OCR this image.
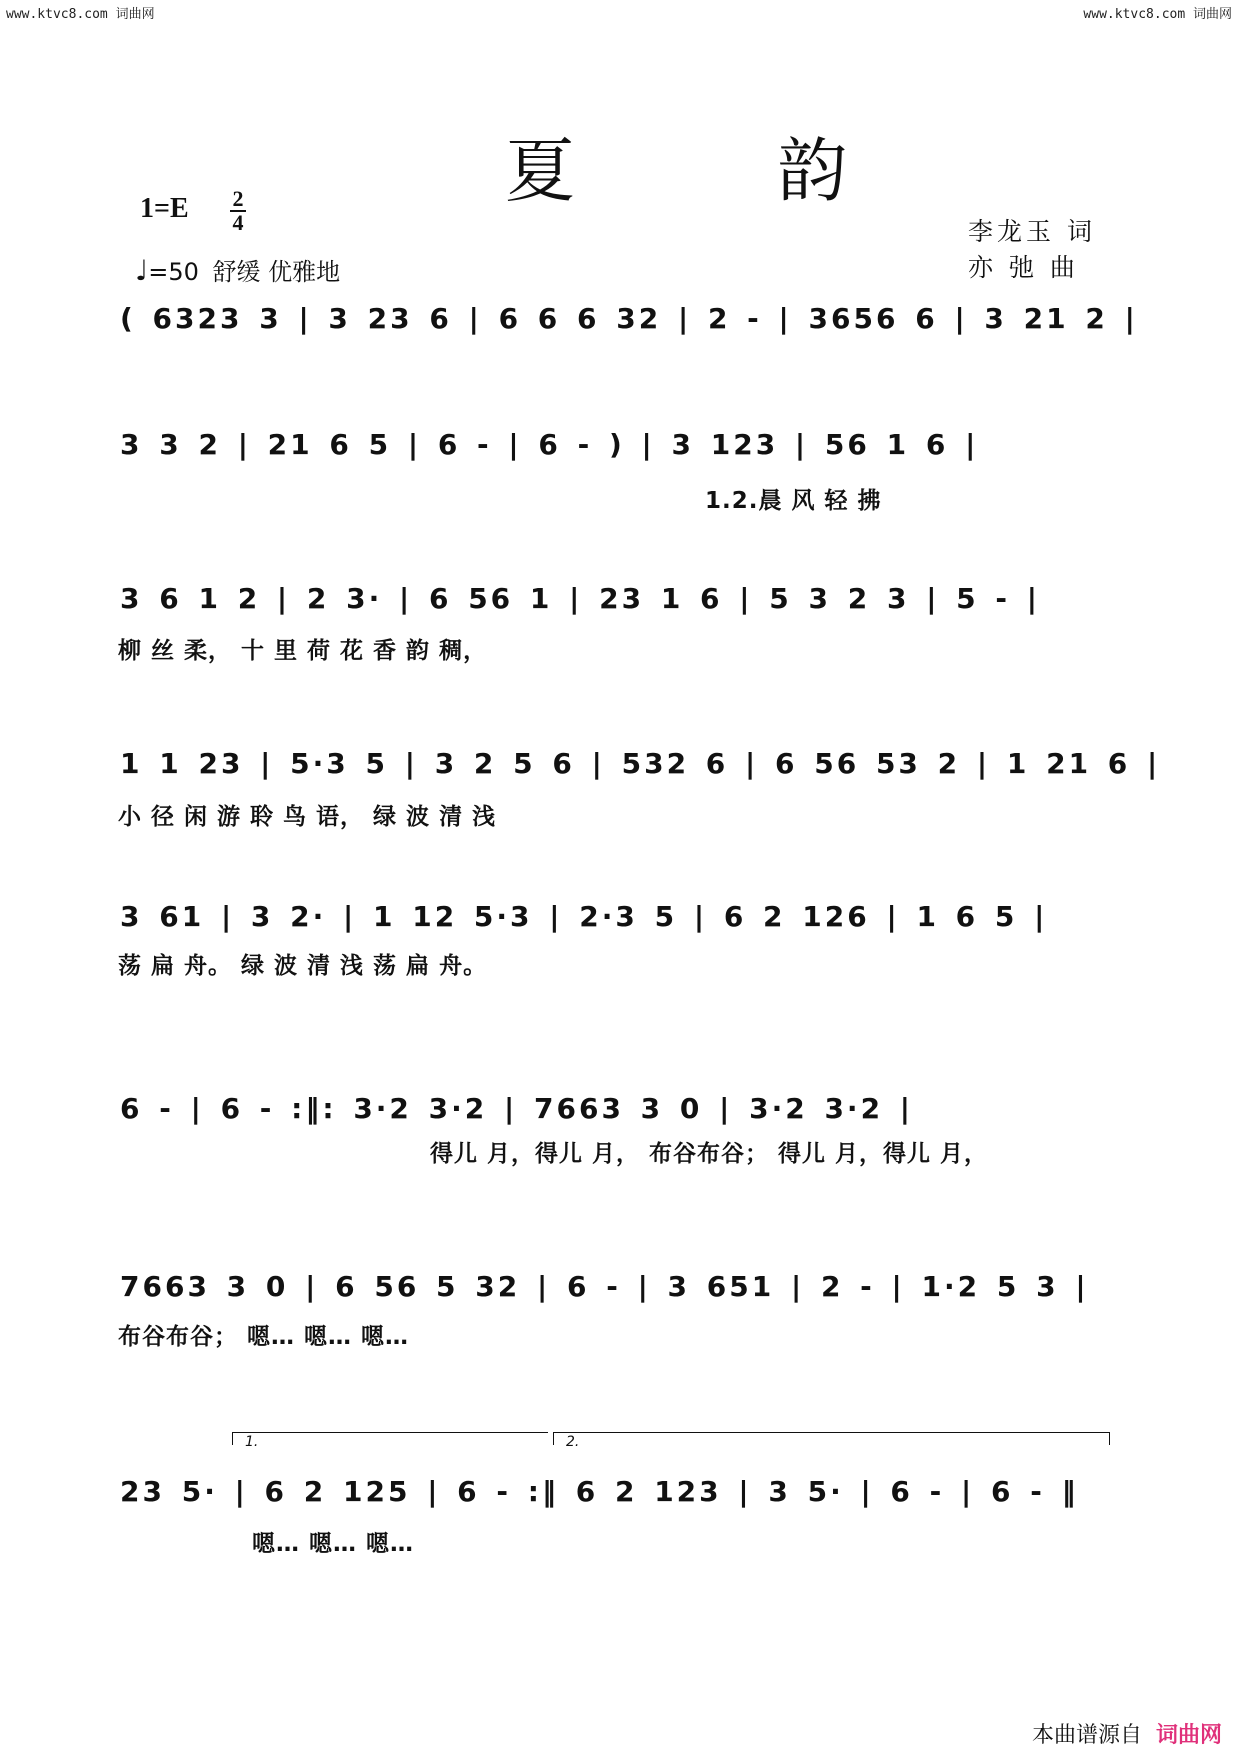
www.ktvc8.com 词曲网	www.ktvc8.com 词曲网
夏 韵
1=E 2
4
♩=50 舒缓 优雅地
李龙玉 词
亦 弛 曲
( 6323 3 | 3 23 6 | 6 6 6 32 | 2 - | 3656 6 | 3 21 2 |
3 3 2 | 21 6 5 | 6 - | 6 - ) | 3 123 | 56 1 6 |
1.2.晨 风 轻 拂
3 6 1 2 | 2 3· | 6 56 1 | 23 1 6 | 5 3 2 3 | 5 - |
柳 丝 柔， 十 里 荷 花 香 韵 稠，
1 1 23 | 5·3 5 | 3 2 5 6 | 532 6 | 6 56 53 2 | 1 21 6 |
小 径 闲 游 聆 鸟 语， 绿 波 清 浅
3 61 | 3 2· | 1 12 5·3 | 2·3 5 | 6 2 126 | 1 6 5 |
荡 扁 舟。 绿 波 清 浅 荡 扁 舟。
6 - | 6 - :‖: 3·2 3·2 | 7663 3 0 | 3·2 3·2 |
得儿 月，得儿 月， 布谷布谷； 得儿 月，得儿 月，
7663 3 0 | 6 56 5 32 | 6 - | 3 651 | 2 - | 1·2 5 3 |
布谷布谷； 嗯… 嗯… 嗯…
1.	2.
23 5· | 6 2 125 | 6 - :‖ 6 2 123 | 3 5· | 6 - | 6 - ‖
嗯… 嗯… 嗯…
本曲谱源自 词曲网
